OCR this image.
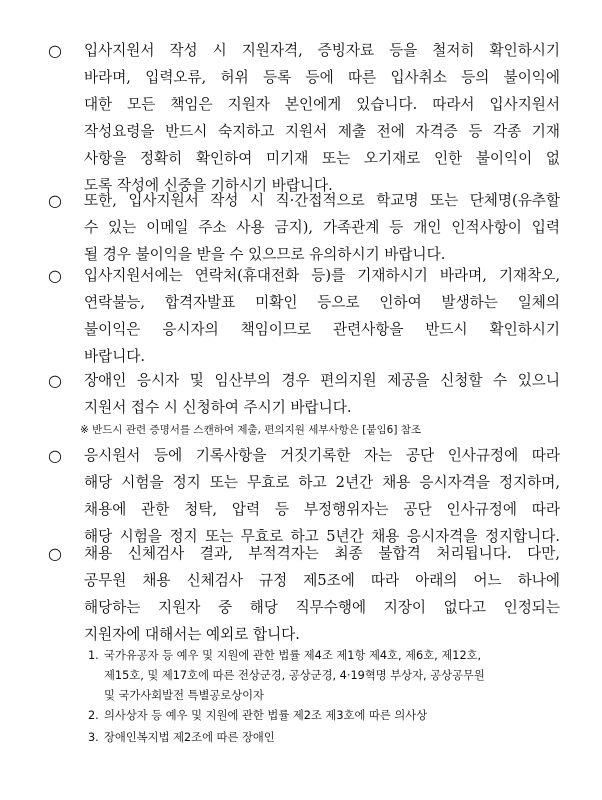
○ 입사지원서 작성 시 지원자격, 증빙자료 등을 철저히 확인하시기
바라며, 입력오류, 허위 등록 등에 따른 입사취소 등의 불이익에
대한 모든 책임은 지원자 본인에게 있습니다. 따라서 입사지원서
작성요령을 반드시 숙지하고 지원서 제출 전에 자격증 등 각종 기재
사항을 정확히 확인하여 미기재 또는 오기재로 인한 불이익이 없
도록 작성에 신중을 기하시기 바랍니다.
○ 또한, 입사지원서 작성 시 직·간접적으로 학교명 또는 단체명(유추할
수 있는 이메일 주소 사용 금지), 가족관계 등 개인 인적사항이 입력
될 경우 불이익을 받을 수 있으므로 유의하시기 바랍니다.
○ 입사지원서에는 연락처(휴대전화 등)를 기재하시기 바라며, 기재착오,
연락불능, 합격자발표 미확인 등으로 인하여 발생하는 일체의
불이익은 응시자의 책임이므로 관련사항을 반드시 확인하시기
바랍니다.
○ 장애인 응시자 및 임산부의 경우 편의지원 제공을 신청할 수 있으니
지원서 접수 시 신청하여 주시기 바랍니다.
※ 반드시 관련 증명서를 스캔하여 제출, 편의지원 세부사항은 [붙임6] 참조
○ 응시원서 등에 기록사항을 거짓기록한 자는 공단 인사규정에 따라
해당 시험을 정지 또는 무효로 하고 2년간 채용 응시자격을 정지하며,
채용에 관한 청탁, 압력 등 부정행위자는 공단 인사규정에 따라
해당 시험을 정지 또는 무효로 하고 5년간 채용 응시자격을 정지합니다.
○ 채용 신체검사 결과, 부적격자는 최종 불합격 처리됩니다. 다만,
공무원 채용 신체검사 규정 제5조에 따라 아래의 어느 하나에
해당하는 지원자 중 해당 직무수행에 지장이 없다고 인정되는
지원자에 대해서는 예외로 합니다.
1. 국가유공자 등 예우 및 지원에 관한 법률 제4조 제1항 제4호, 제6호, 제12호,
제15호, 및 제17호에 따른 전상군경, 공상군경, 4·19혁명 부상자, 공상공무원
및 국가사회발전 특별공로상이자
2. 의사상자 등 예우 및 지원에 관한 법률 제2조 제3호에 따른 의사상
3. 장애인복지법 제2조에 따른 장애인
